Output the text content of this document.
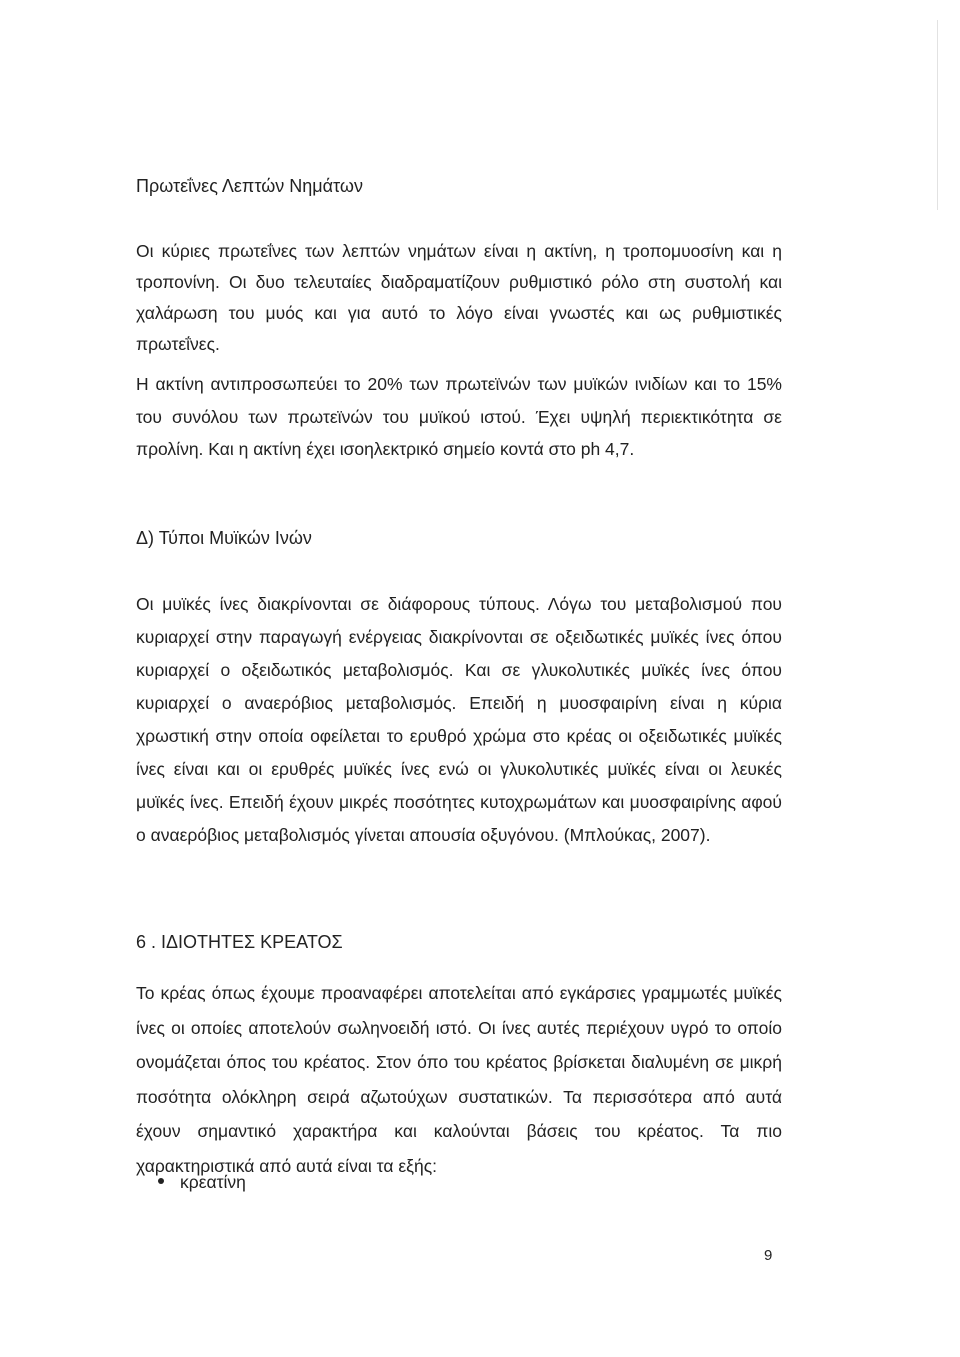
Πρωτεΐνες Λεπτών Νημάτων

Οι κύριες πρωτεΐνες των λεπτών νημάτων είναι η ακτίνη, η τροπομυοσίνη και η τροπονίνη. Οι δυο τελευταίες διαδραματίζουν ρυθμιστικό ρόλο στη συστολή και χαλάρωση του μυός και για αυτό το λόγο είναι γνωστές και ως ρυθμιστικές πρωτεΐνες.

Η ακτίνη αντιπροσωπεύει το 20% των πρωτεϊνών των μυϊκών ινιδίων και το 15% του συνόλου των πρωτεϊνών του μυϊκού ιστού. Έχει υψηλή περιεκτικότητα σε προλίνη. Και η ακτίνη έχει ισοηλεκτρικό σημείο κοντά στο ph 4,7.

Δ) Τύποι Μυϊκών Ινών

Οι μυϊκές ίνες διακρίνονται σε διάφορους τύπους. Λόγω του μεταβολισμού που κυριαρχεί στην παραγωγή ενέργειας διακρίνονται σε οξειδωτικές μυϊκές ίνες όπου κυριαρχεί ο οξειδωτικός μεταβολισμός. Και σε γλυκολυτικές μυϊκές ίνες όπου κυριαρχεί ο αναερόβιος μεταβολισμός. Επειδή η μυοσφαιρίνη είναι η κύρια χρωστική στην οποία οφείλεται το ερυθρό χρώμα στο κρέας οι οξειδωτικές μυϊκές ίνες είναι και οι ερυθρές μυϊκές ίνες ενώ οι γλυκολυτικές μυϊκές είναι οι λευκές μυϊκές ίνες. Επειδή έχουν μικρές ποσότητες κυτοχρωμάτων και μυοσφαιρίνης αφού ο αναερόβιος μεταβολισμός γίνεται απουσία οξυγόνου. (Μπλούκας, 2007).

6 . ΙΔΙΟΤΗΤΕΣ ΚΡΕΑΤΟΣ

Το κρέας όπως έχουμε προαναφέρει αποτελείται από εγκάρσιες γραμμωτές μυϊκές ίνες οι οποίες αποτελούν σωληνοειδή ιστό. Οι ίνες αυτές περιέχουν υγρό το οποίο ονομάζεται όπος του κρέατος. Στον όπο του κρέατος βρίσκεται διαλυμένη σε μικρή ποσότητα ολόκληρη σειρά αζωτούχων συστατικών. Τα περισσότερα από αυτά έχουν σημαντικό χαρακτήρα και καλούνται βάσεις του κρέατος. Τα πιο χαρακτηριστικά από αυτά είναι τα εξής:

κρεατίνη
9
